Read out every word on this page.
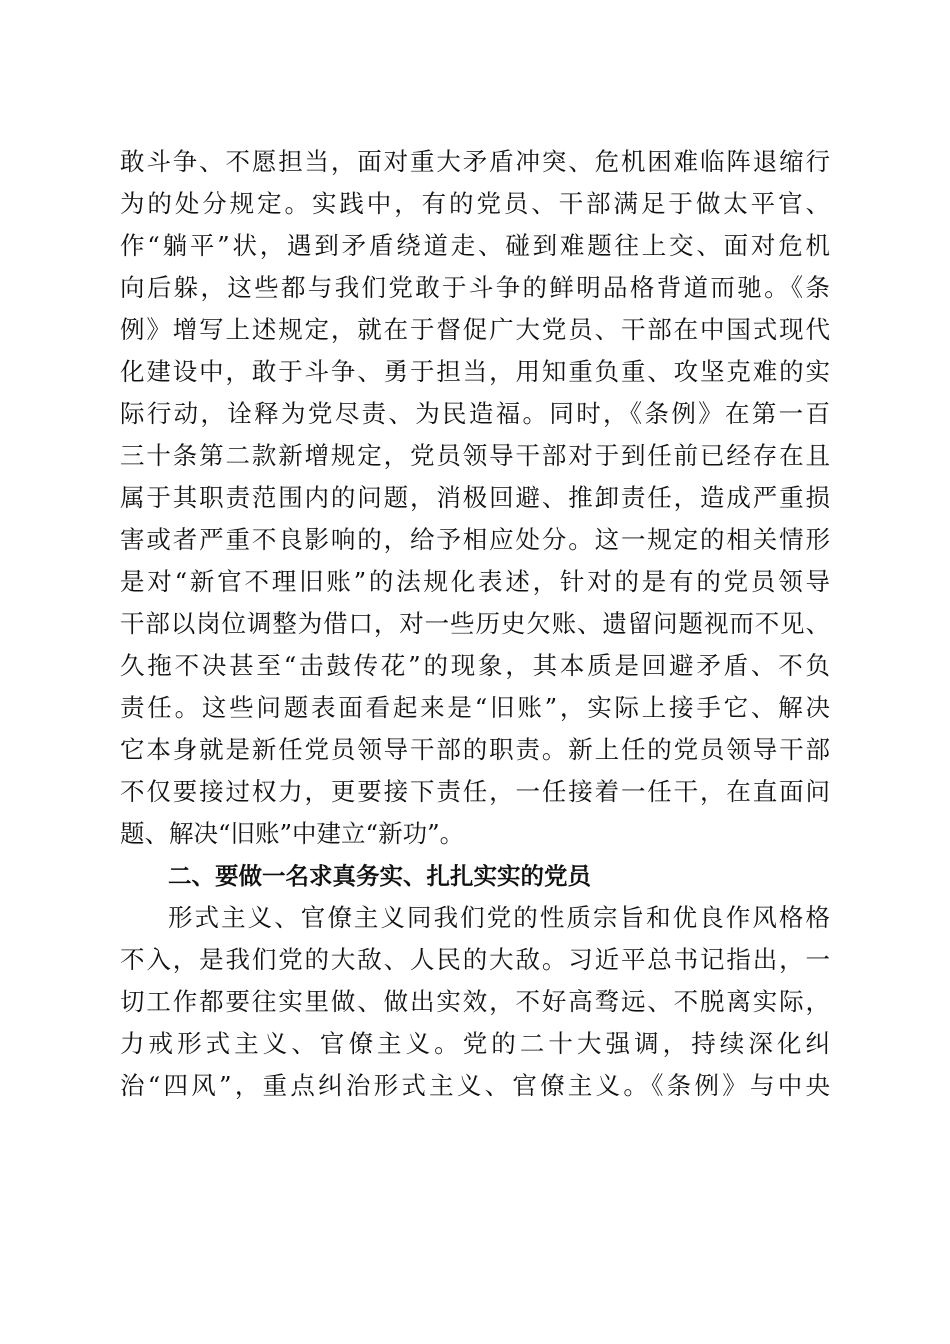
敢斗争、不愿担当，面对重大矛盾冲突、危机困难临阵退缩行
为的处分规定。实践中，有的党员、干部满足于做太平官、
作“躺平”状，遇到矛盾绕道走、碰到难题往上交、面对危机
向后躲，这些都与我们党敢于斗争的鲜明品格背道而驰。《条
例》增写上述规定，就在于督促广大党员、干部在中国式现代
化建设中，敢于斗争、勇于担当，用知重负重、攻坚克难的实
际行动，诠释为党尽责、为民造福。同时，《条例》在第一百
三十条第二款新增规定，党员领导干部对于到任前已经存在且
属于其职责范围内的问题，消极回避、推卸责任，造成严重损
害或者严重不良影响的，给予相应处分。这一规定的相关情形
是对“新官不理旧账”的法规化表述，针对的是有的党员领导
干部以岗位调整为借口，对一些历史欠账、遗留问题视而不见、
久拖不决甚至“击鼓传花”的现象，其本质是回避矛盾、不负
责任。这些问题表面看起来是“旧账”，实际上接手它、解决
它本身就是新任党员领导干部的职责。新上任的党员领导干部
不仅要接过权力，更要接下责任，一任接着一任干，在直面问
题、解决“旧账”中建立“新功”。
二、要做一名求真务实、扎扎实实的党员
形式主义、官僚主义同我们党的性质宗旨和优良作风格格
不入，是我们党的大敌、人民的大敌。习近平总书记指出，一
切工作都要往实里做、做出实效，不好高骛远、不脱离实际，
力戒形式主义、官僚主义。党的二十大强调，持续深化纠
治“四风”，重点纠治形式主义、官僚主义。《条例》与中央
